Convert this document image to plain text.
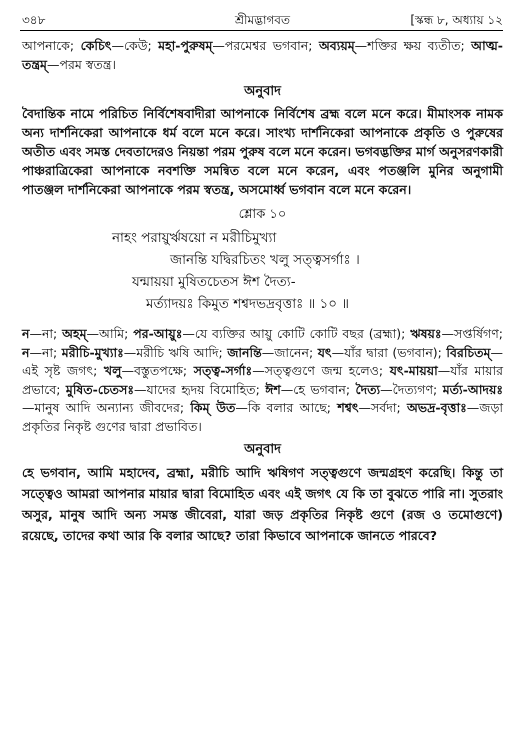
৩৪৮	শ্রীমদ্ভাগবত	[স্কন্ধ ৮, অধ্যায় ১২

আপনাকে; কেচিৎ—কেউ; মহা-পুরুষম্‌—পরমেশ্বর ভগবান; অব্যয়ম্‌—শক্তির ক্ষয় ব্যতীত; আত্ম-তন্ত্রম্‌—পরম স্বতন্ত্র।

অনুবাদ

বৈদান্তিক নামে পরিচিত নির্বিশেষবাদীরা আপনাকে নির্বিশেষ ব্রহ্ম বলে মনে করে। মীমাংসক নামক অন্য দার্শনিকেরা আপনাকে ধর্ম বলে মনে করে। সাংখ্য দার্শনিকেরা আপনাকে প্রকৃতি ও পুরুষের অতীত এবং সমস্ত দেবতাদেরও নিয়ন্তা পরম পুরুষ বলে মনে করেন। ভগবদ্ভক্তির মার্গ অনুসরণকারী পাঞ্চরাত্রিকেরা আপনাকে নবশক্তি সমন্বিত বলে মনে করেন, এবং পতঞ্জলি মুনির অনুগামী পাতঞ্জল দার্শনিকেরা আপনাকে পরম স্বতন্ত্র, অসমোর্ধ্ব ভগবান বলে মনে করেন।

শ্লোক ১০
নাহং পরায়ুর্ঋষয়ো ন মরীচিমুখ্যা
জানন্তি যদ্বিরচিতং খলু সত্ত্বসর্গাঃ ।
যন্মায়য়া মুষিতচেতস ঈশ দৈত্য-
মর্ত্যাদয়ঃ কিমুত শশ্বদভদ্রবৃত্তাঃ ॥ ১০ ॥

ন—না; অহম্‌—আমি; পর-আয়ুঃ—যে ব্যক্তির আয়ু কোটি কোটি বছর (ব্রহ্মা); ঋষয়ঃ—সপ্তর্ষিগণ; ন—না; মরীচি-মুখ্যাঃ—মরীচি ঋষি আদি; জানন্তি—জানেন; যৎ—যাঁর দ্বারা (ভগবান); বিরচিতম্‌—এই সৃষ্ট জগৎ; খলু—বস্তুতপক্ষে; সত্ত্ব-সর্গাঃ—সত্ত্বগুণে জন্ম হলেও; যৎ-মায়য়া—যাঁর মায়ার প্রভাবে; মুষিত-চেতসঃ—যাদের হৃদয় বিমোহিত; ঈশ—হে ভগবান; দৈত্য—দৈত্যগণ; মর্ত্য-আদয়ঃ—মানুষ আদি অন্যান্য জীবদের; কিম্‌ উত—কি বলার আছে; শশ্বৎ—সর্বদা; অভদ্র-বৃত্তাঃ—জড়া প্রকৃতির নিকৃষ্ট গুণের দ্বারা প্রভাবিত।

অনুবাদ

হে ভগবান, আমি মহাদেব, ব্রহ্মা, মরীচি আদি ঋষিগণ সত্ত্বগুণে জন্মগ্রহণ করেছি। কিন্তু তা সত্ত্বেও আমরা আপনার মায়ার দ্বারা বিমোহিত এবং এই জগৎ যে কি তা বুঝতে পারি না। সুতরাং অসুর, মানুষ আদি অন্য সমস্ত জীবেরা, যারা জড় প্রকৃতির নিকৃষ্ট গুণে (রজ ও তমোগুণে) রয়েছে, তাদের কথা আর কি বলার আছে? তারা কিভাবে আপনাকে জানতে পারবে?
